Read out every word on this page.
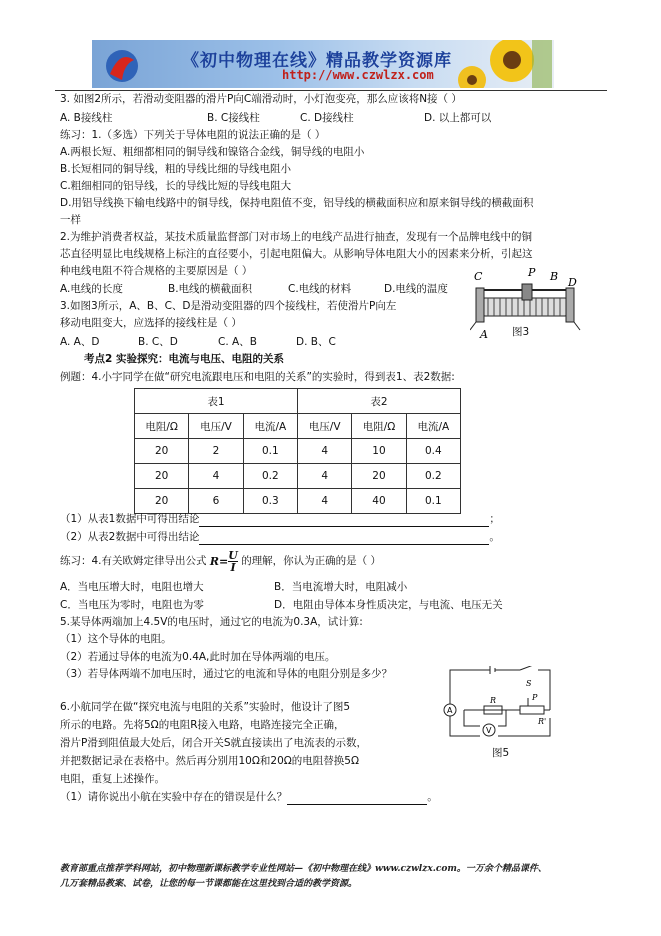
《初中物理在线》精品教学资源库
http://www.czwlzx.com
3. 如图2所示，若滑动变阻器的滑片P向C端滑动时，小灯泡变亮，那么应该将N接（ ）
A. B接线柱	B. C接线柱	C. D接线柱	D. 以上都可以
练习：1.（多选）下列关于导体电阻的说法正确的是（ ）
A.两根长短、粗细都相同的铜导线和镍铬合金线，铜导线的电阻小
B.长短相同的铜导线，粗的导线比细的导线电阻小
C.粗细相同的铝导线，长的导线比短的导线电阻大
D.用铝导线换下输电线路中的铜导线，保持电阻值不变，铝导线的横截面积应和原来铜导线的横截面积
一样
2.为维护消费者权益，某技术质量监督部门对市场上的电线产品进行抽查，发现有一个品牌电线中的铜
芯直径明显比电线规格上标注的直径要小，引起电阻偏大。从影响导体电阻大小的因素来分析，引起这
种电线电阻不符合规格的主要原因是（ ）
A.电线的长度	B.电线的横截面积	C.电线的材料	D.电线的温度
3.如图3所示，A、B、C、D是滑动变阻器的四个接线柱，若使滑片P向左
移动电阻变大，应选择的接线柱是（ ）
A. A、D	B. C、D	C. A、B	D. B、C
C	P B D
A 图3
考点2 实验探究：电流与电压、电阻的关系
例题：4.小宇同学在做“研究电流跟电压和电阻的关系”的实验时，得到表1、表2数据:
表1			表2		
电阻/Ω	电压/V	电流/A	电压/V	电阻/Ω	电流/A
20	2	0.1	4	10	0.4
20	4	0.2	4	20	0.2
20	6	0.3	4	40	0.1
（1）从表1数据中可得出结论	；
（2）从表2数据中可得出结论	。
练习：4.有关欧姆定律导出公式 $R= \frac{U}{I}$ 的理解，你认为正确的是（ ）
A．当电压增大时，电阻也增大	B．当电流增大时，电阻减小
C．当电压为零时，电阻也为零	D．电阻由导体本身性质决定，与电流、电压无关
5.某导体两端加上4.5V的电压时，通过它的电流为0.3A，试计算:
（1）这个导体的电阻。
（2）若通过导体的电流为0.4A,此时加在导体两端的电压。
（3）若导体两端不加电压时，通过它的电流和导体的电阻分别是多少？
6.小航同学在做“探究电流与电阻的关系”实验时，他设计了图5
所示的电路。先将5Ω的电阻R接入电路，电路连接完全正确，
滑片P滑到阻值最大处后，闭合开关S就直接读出了电流表的示数，
并把数据记录在表格中。然后再分别用10Ω和20Ω的电阻替换5Ω
电阻，重复上述操作。
（1）请你说出小航在实验中存在的错误是什么？	。
A
V
S
R	P
R'
图5
教育部重点推荐学科网站，初中物理新课标教学专业性网站—《初中物理在线》www.czwlzx.com。一万余个精品课件、
几万套精品教案、试卷，让您的每一节课都能在这里找到合适的教学资源。
